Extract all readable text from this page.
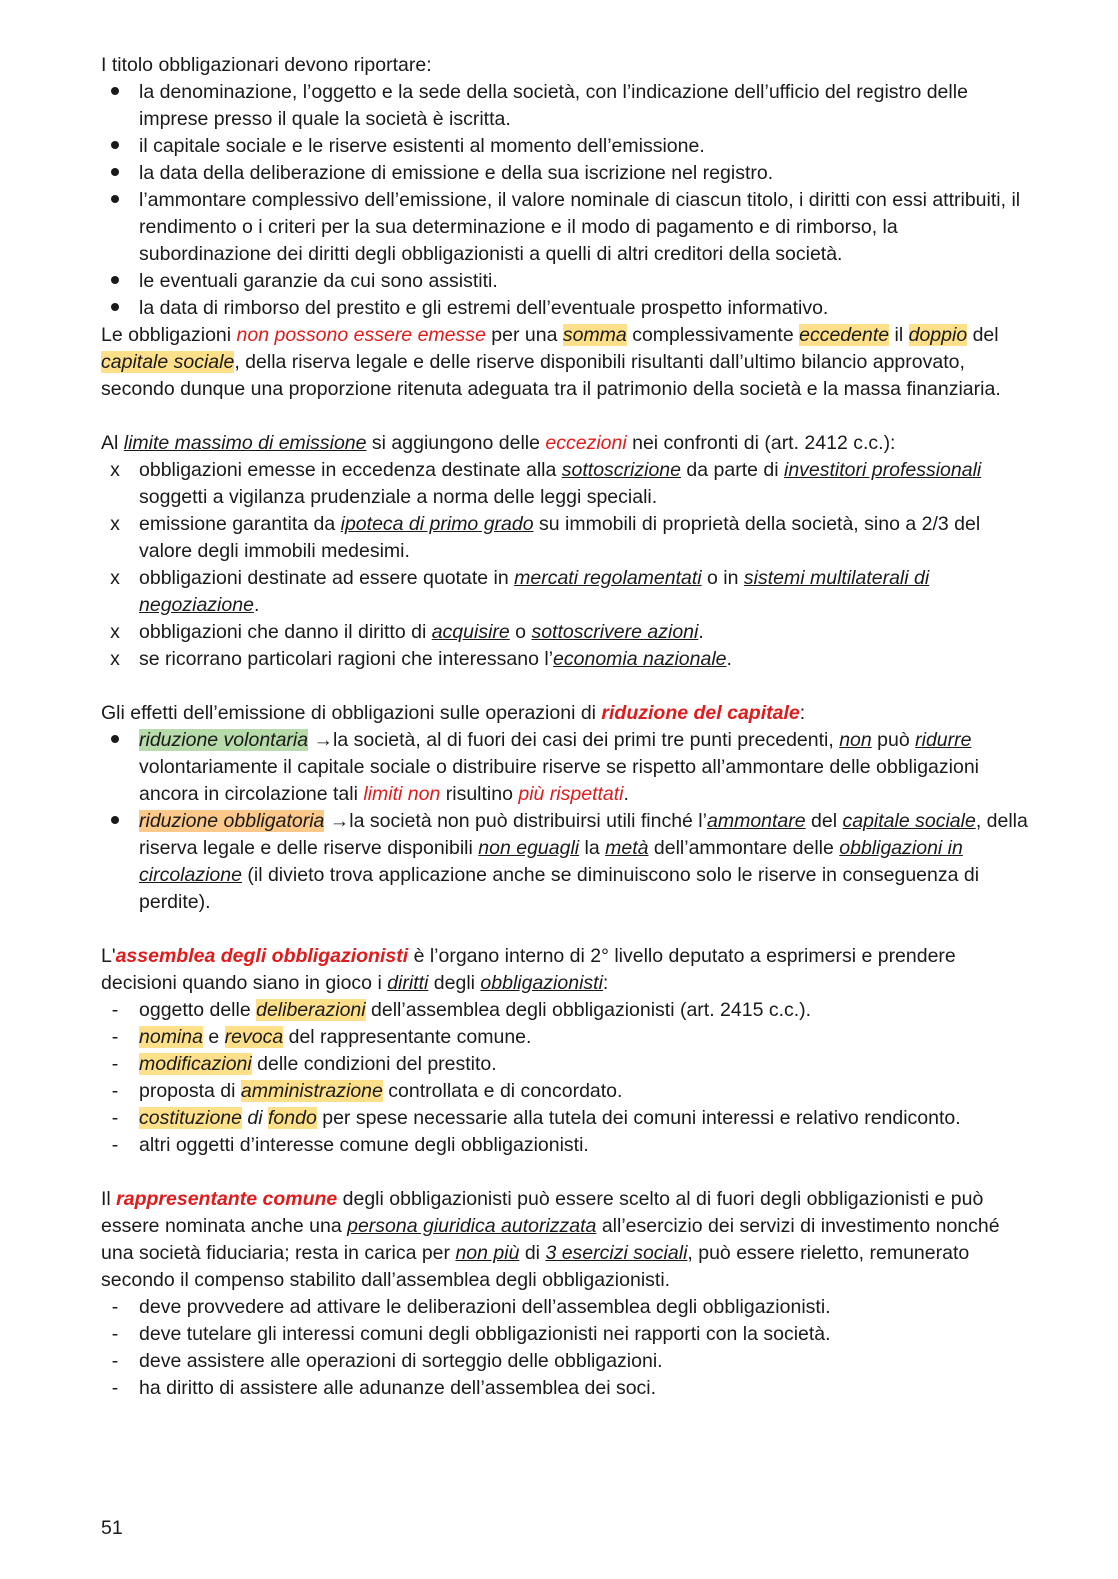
I titolo obbligazionari devono riportare:

la denominazione, l’oggetto e la sede della società, con l’indicazione dell’ufficio del registro delle imprese presso il quale la società è iscritta.
il capitale sociale e le riserve esistenti al momento dell’emissione.
la data della deliberazione di emissione e della sua iscrizione nel registro.
l’ammontare complessivo dell’emissione, il valore nominale di ciascun titolo, i diritti con essi attribuiti, il rendimento o i criteri per la sua determinazione e il modo di pagamento e di rimborso, la subordinazione dei diritti degli obbligazionisti a quelli di altri creditori della società.
le eventuali garanzie da cui sono assistiti.
la data di rimborso del prestito e gli estremi dell’eventuale prospetto informativo.

Le obbligazioni non possono essere emesse per una somma complessivamente eccedente il doppio del capitale sociale, della riserva legale e delle riserve disponibili risultanti dall’ultimo bilancio approvato, secondo dunque una proporzione ritenuta adeguata tra il patrimonio della società e la massa finanziaria.

Al limite massimo di emissione si aggiungono delle eccezioni nei confronti di (art. 2412 c.c.):

x obbligazioni emesse in eccedenza destinate alla sottoscrizione da parte di investitori professionali soggetti a vigilanza prudenziale a norma delle leggi speciali.
x emissione garantita da ipoteca di primo grado su immobili di proprietà della società, sino a 2/3 del valore degli immobili medesimi.
x obbligazioni destinate ad essere quotate in mercati regolamentati o in sistemi multilaterali di negoziazione.
x obbligazioni che danno il diritto di acquisire o sottoscrivere azioni.
x se ricorrano particolari ragioni che interessano l’economia nazionale.

Gli effetti dell’emissione di obbligazioni sulle operazioni di riduzione del capitale:

riduzione volontaria →la società, al di fuori dei casi dei primi tre punti precedenti, non può ridurre volontariamente il capitale sociale o distribuire riserve se rispetto all’ammontare delle obbligazioni ancora in circolazione tali limiti non risultino più rispettati.
riduzione obbligatoria →la società non può distribuirsi utili finché l’ammontare del capitale sociale, della riserva legale e delle riserve disponibili non eguagli la metà dell’ammontare delle obbligazioni in circolazione (il divieto trova applicazione anche se diminuiscono solo le riserve in conseguenza di perdite).

L'assemblea degli obbligazionisti è l’organo interno di 2° livello deputato a esprimersi e prendere decisioni quando siano in gioco i diritti degli obbligazionisti:

-	oggetto delle deliberazioni dell’assemblea degli obbligazionisti (art. 2415 c.c.).
-	nomina e revoca del rappresentante comune.
-	modificazioni delle condizioni del prestito.
-	proposta di amministrazione controllata e di concordato.
-	costituzione di fondo per spese necessarie alla tutela dei comuni interessi e relativo rendiconto.
-	altri oggetti d’interesse comune degli obbligazionisti.

Il rappresentante comune degli obbligazionisti può essere scelto al di fuori degli obbligazionisti e può essere nominata anche una persona giuridica autorizzata all’esercizio dei servizi di investimento nonché una società fiduciaria; resta in carica per non più di 3 esercizi sociali, può essere rieletto, remunerato secondo il compenso stabilito dall’assemblea degli obbligazionisti.

-	deve provvedere ad attivare le deliberazioni dell’assemblea degli obbligazionisti.
-	deve tutelare gli interessi comuni degli obbligazionisti nei rapporti con la società.
-	deve assistere alle operazioni di sorteggio delle obbligazioni.
-	ha diritto di assistere alle adunanze dell’assemblea dei soci.
51
